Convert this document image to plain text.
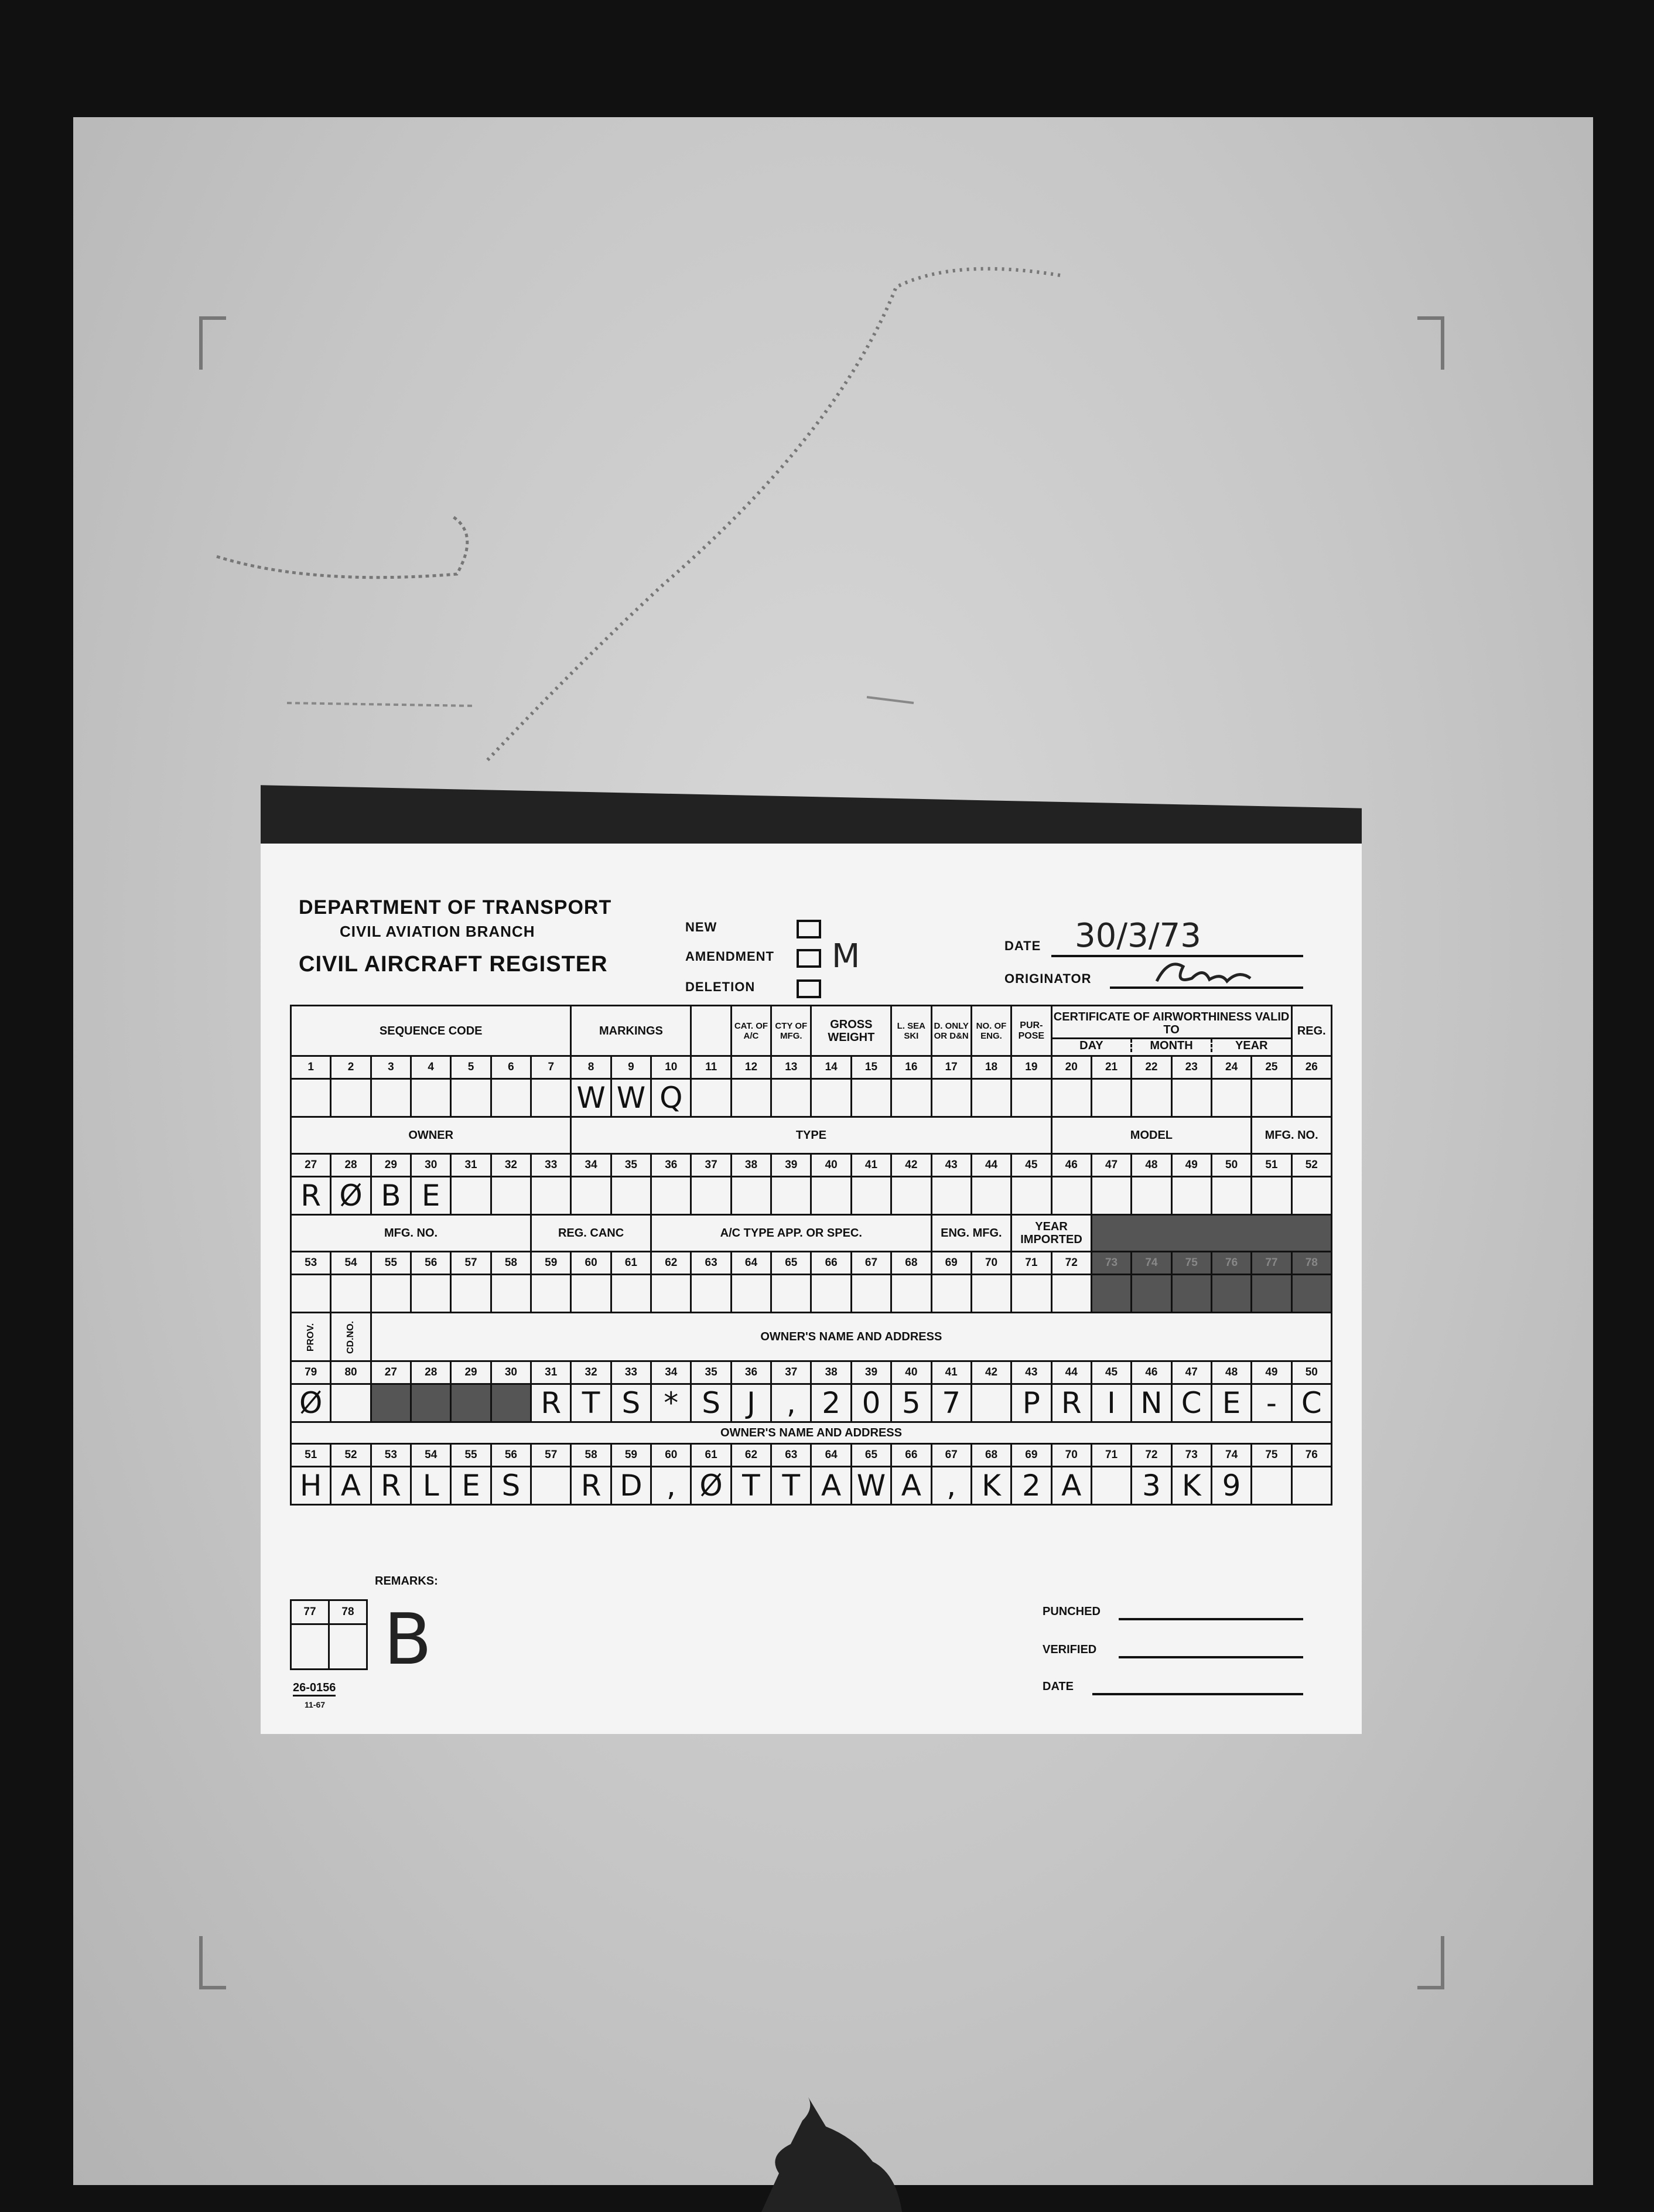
DEPARTMENT OF TRANSPORT
CIVIL AVIATION BRANCH
CIVIL AIRCRAFT REGISTER
NEW
AMENDMENT M
DELETION
DATE 30/3/73
ORIGINATOR
SEQUENCE CODE							MARKINGS				CAT. OF A/C	CTY OF MFG.	GROSS WEIGHT		L. SEA SKI	D. ONLY OR D&N	NO. OF ENG.	PUR- POSE	CERTIFICATE OF AIRWORTHINESS VALID TO
DAY MONTH YEAR						REG.
1	2	3	4	5	6	7	8	9	10	11	12	13	14	15	16	17	18	19	20	21	22	23	24	25	26
							W	W	Q																
OWNER							TYPE												MODEL					MFG. NO.	
27	28	29	30	31	32	33	34	35	36	37	38	39	40	41	42	43	44	45	46	47	48	49	50	51	52
R	Ø	B	E																						
MFG. NO.						REG. CANC			A/C TYPE APP. OR SPEC.							ENG. MFG.		YEAR IMPORTED							
53	54	55	56	57	58	59	60	61	62	63	64	65	66	67	68	69	70	71	72	73	74	75	76	77	78

PROV.	CD.NO.	OWNER'S NAME AND ADDRESS																							
79	80	27	28	29	30	31	32	33	34	35	36	37	38	39	40	41	42	43	44	45	46	47	48	49	50
Ø						R	T	S	*	S	J	,	2	0	5	7		P	R	I	N	C	E	-	C
OWNER'S NAME AND ADDRESS																									
51	52	53	54	55	56	57	58	59	60	61	62	63	64	65	66	67	68	69	70	71	72	73	74	75	76
H	A	R	L	E	S		R	D	,	Ø	T	T	A	W	A	,	K	2	A		3	K	9		
REMARKS:
B
77	78
		PUNCHED
VERIFIED
DATE
26-0156
11-67
